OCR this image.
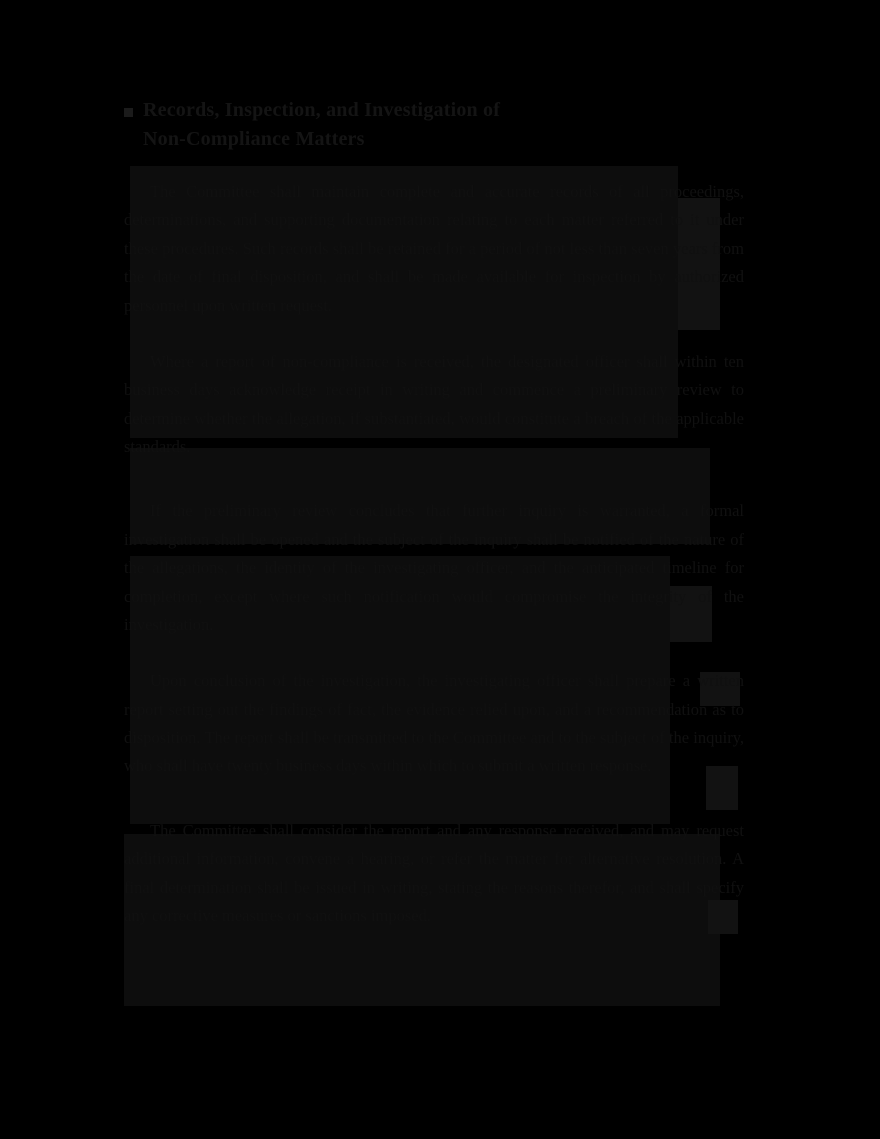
Records, Inspection, and Investigation of
Non-Compliance Matters

The Committee shall maintain complete and accurate records of all proceedings, determinations, and supporting documentation relating to each matter referred to it under these procedures. Such records shall be retained for a period of not less than seven years from the date of final disposition, and shall be made available for inspection by authorized personnel upon written request.

Where a report of non-compliance is received, the designated officer shall within ten business days acknowledge receipt in writing and commence a preliminary review to determine whether the allegation, if substantiated, would constitute a breach of the applicable standards.

If the preliminary review concludes that further inquiry is warranted, a formal investigation shall be opened and the subject of the inquiry shall be notified of the nature of the allegations, the identity of the investigating officer, and the anticipated timeline for completion, except where such notification would compromise the integrity of the investigation.

Upon conclusion of the investigation, the investigating officer shall prepare a written report setting out the findings of fact, the evidence relied upon, and a recommendation as to disposition. The report shall be transmitted to the Committee and to the subject of the inquiry, who shall have twenty business days within which to submit a written response.

The Committee shall consider the report and any response received, and may request additional information, convene a hearing, or refer the matter for alternative resolution. A final determination shall be issued in writing, stating the reasons therefor, and shall specify any corrective measures or sanctions imposed.
